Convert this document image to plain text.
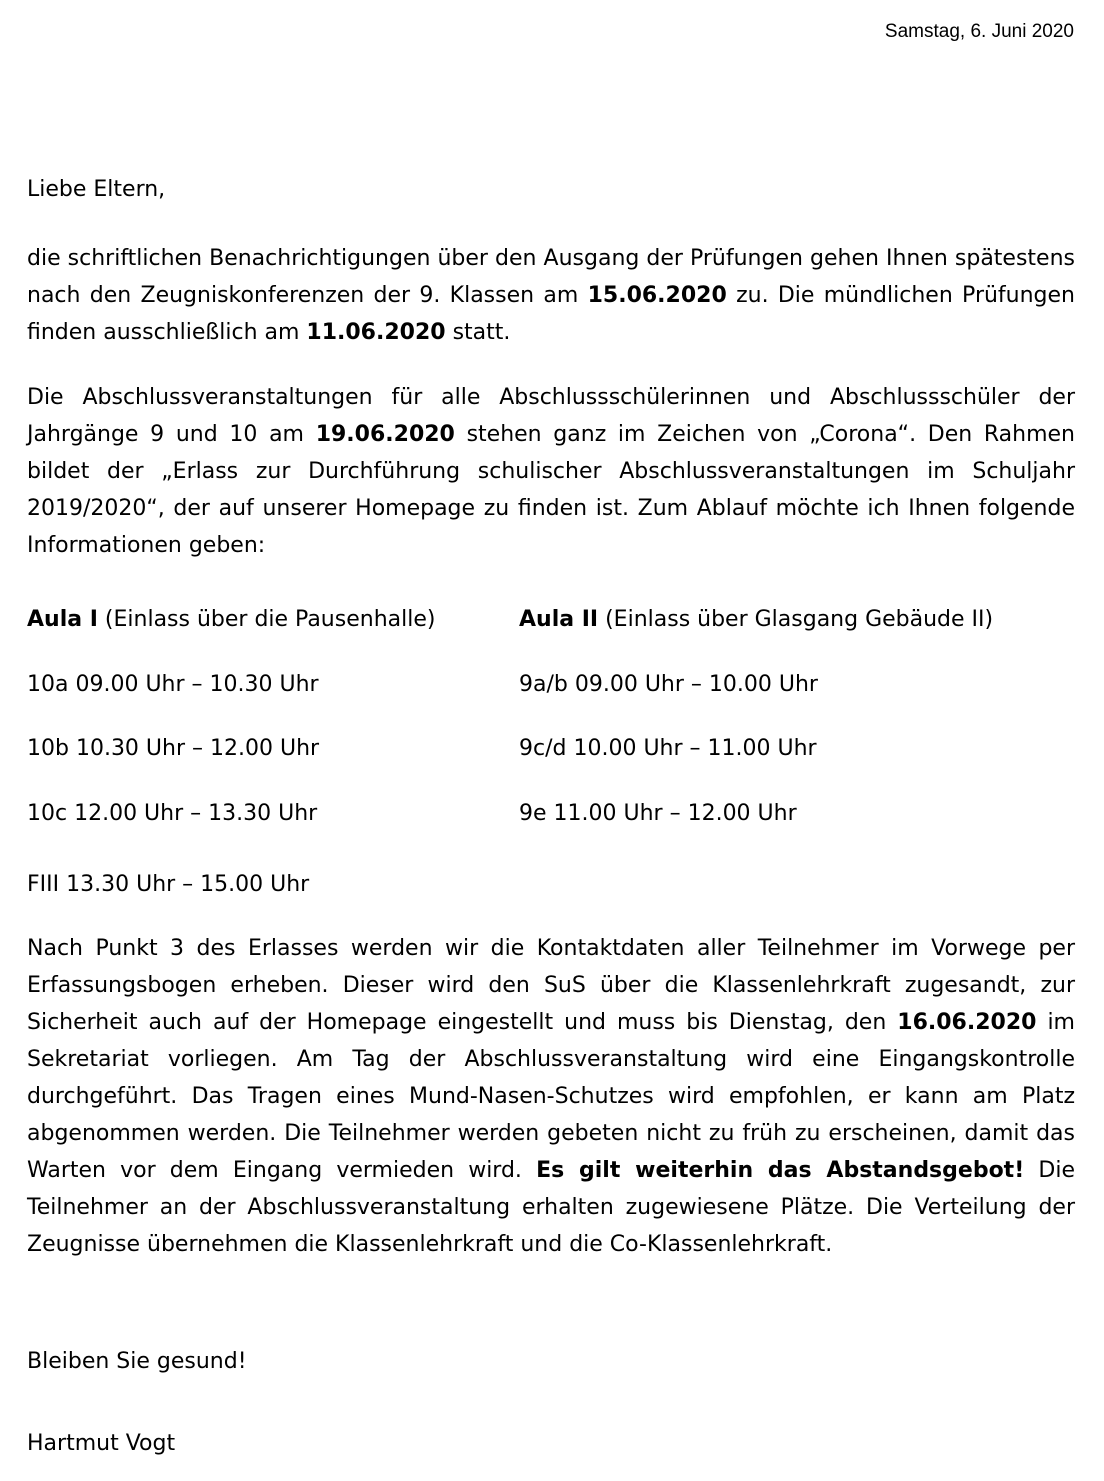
Samstag, 6. Juni 2020
Liebe Eltern,

die schriftlichen Benachrichtigungen über den Ausgang der Prüfungen gehen Ihnen spätestens nach den Zeugniskonferenzen der 9. Klassen am 15.06.2020 zu. Die mündlichen Prüfungen finden ausschließlich am 11.06.2020 statt.

Die Abschlussveranstaltungen für alle Abschlussschülerinnen und Abschlussschüler der Jahrgänge 9 und 10 am 19.06.2020 stehen ganz im Zeichen von „Corona“. Den Rahmen bildet der „Erlass zur Durchführung schulischer Abschlussveranstaltungen im Schuljahr 2019/2020“, der auf unserer Homepage zu finden ist. Zum Ablauf möchte ich Ihnen folgende Informationen geben:

Aula I (Einlass über die Pausenhalle)	Aula II (Einlass über Glasgang Gebäude II)
10a 09.00 Uhr – 10.30 Uhr	9a/b 09.00 Uhr – 10.00 Uhr
10b 10.30 Uhr – 12.00 Uhr	9c/d 10.00 Uhr – 11.00 Uhr
10c 12.00 Uhr – 13.30 Uhr	9e 11.00 Uhr – 12.00 Uhr
FIII 13.30 Uhr – 15.00 Uhr

Nach Punkt 3 des Erlasses werden wir die Kontaktdaten aller Teilnehmer im Vorwege per Erfassungsbogen erheben. Dieser wird den SuS über die Klassenlehrkraft zugesandt, zur Sicherheit auch auf der Homepage eingestellt und muss bis Dienstag, den 16.06.2020 im Sekretariat vorliegen. Am Tag der Abschlussveranstaltung wird eine Eingangskontrolle durchgeführt. Das Tragen eines Mund-Nasen-Schutzes wird empfohlen, er kann am Platz abgenommen werden. Die Teilnehmer werden gebeten nicht zu früh zu erscheinen, damit das Warten vor dem Eingang vermieden wird. Es gilt weiterhin das Abstandsgebot! Die Teilnehmer an der Abschlussveranstaltung erhalten zugewiesene Plätze. Die Verteilung der Zeugnisse übernehmen die Klassenlehrkraft und die Co-Klassenlehrkraft.

Bleiben Sie gesund!
Hartmut Vogt
